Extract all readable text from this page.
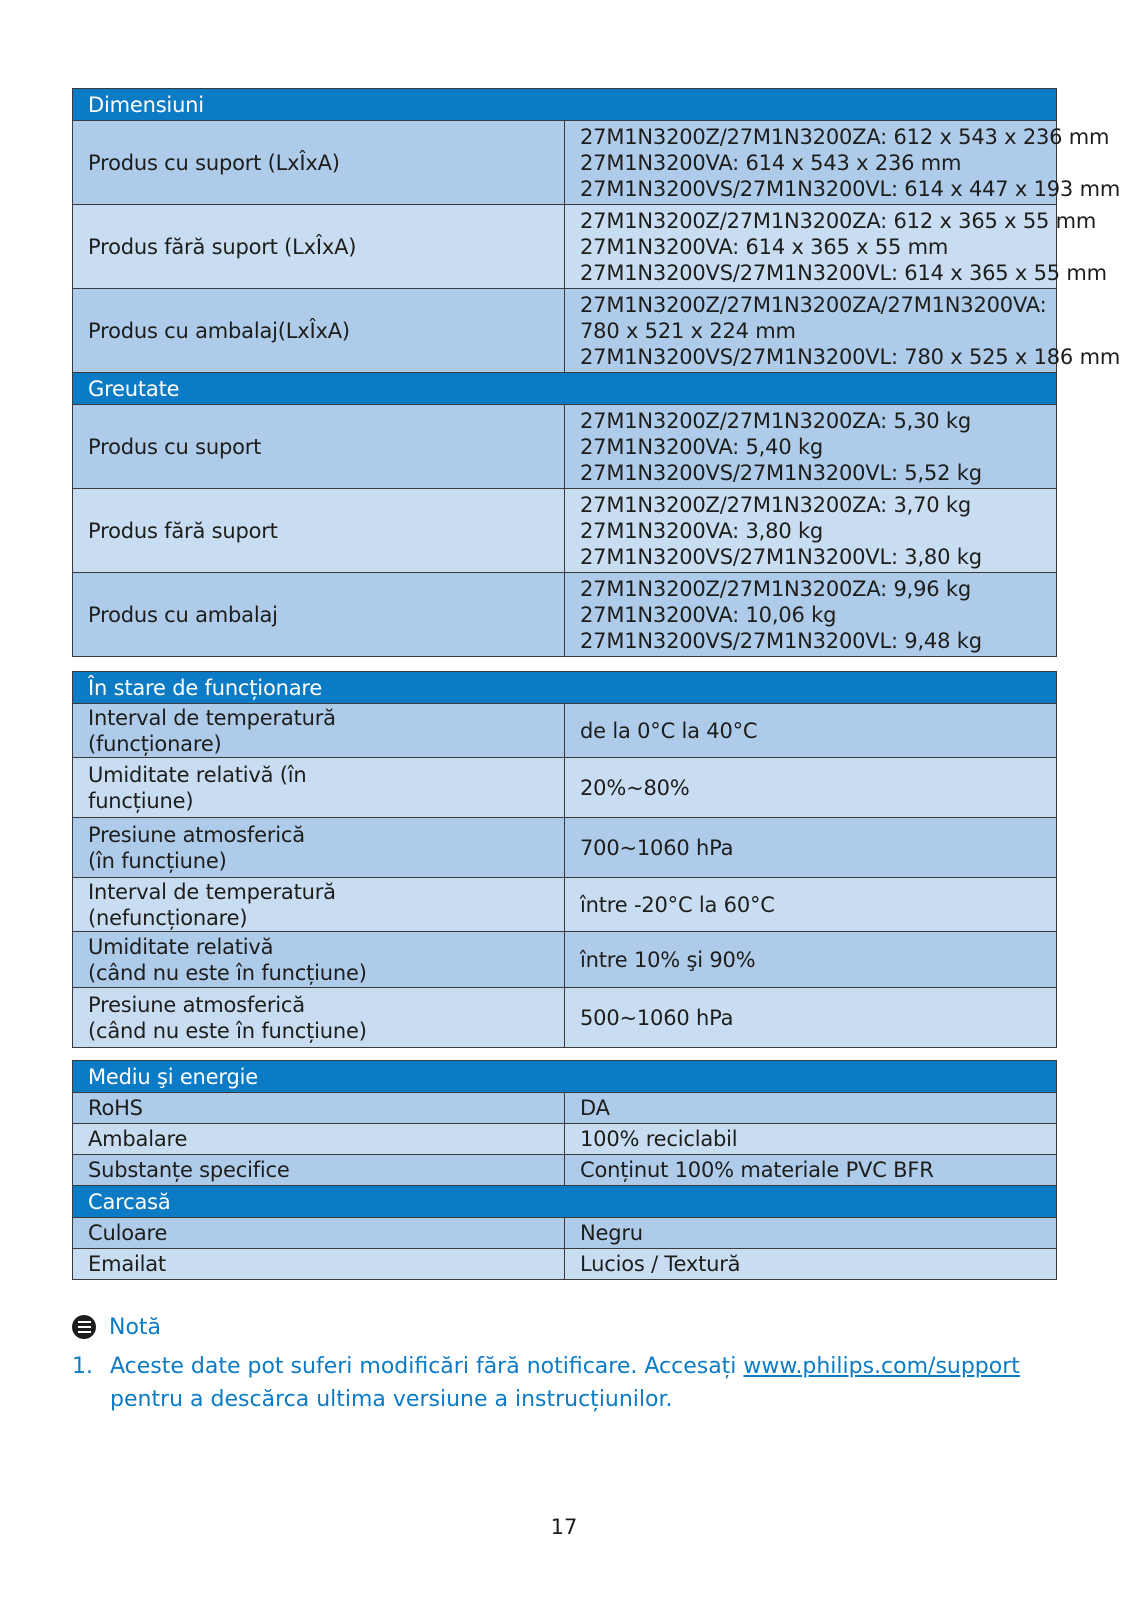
Dimensiuni	
Produs cu suport (LxÎxA)	27M1N3200Z/27M1N3200ZA: 612 x 543 x 236 mm
27M1N3200VA: 614 x 543 x 236 mm
27M1N3200VS/27M1N3200VL: 614 x 447 x 193 mm

Produs fără suport (LxÎxA)	27M1N3200Z/27M1N3200ZA: 612 x 365 x 55 mm
27M1N3200VA: 614 x 365 x 55 mm
27M1N3200VS/27M1N3200VL: 614 x 365 x 55 mm

Produs cu ambalaj(LxÎxA)	27M1N3200Z/27M1N3200ZA/27M1N3200VA:
780 x 521 x 224 mm
27M1N3200VS/27M1N3200VL: 780 x 525 x 186 mm

Greutate	
Produs cu suport	27M1N3200Z/27M1N3200ZA: 5,30 kg
27M1N3200VA: 5,40 kg
27M1N3200VS/27M1N3200VL: 5,52 kg

Produs fără suport	27M1N3200Z/27M1N3200ZA: 3,70 kg
27M1N3200VA: 3,80 kg
27M1N3200VS/27M1N3200VL: 3,80 kg

Produs cu ambalaj	27M1N3200Z/27M1N3200ZA: 9,96 kg
27M1N3200VA: 10,06 kg
27M1N3200VS/27M1N3200VL: 9,48 kg
În stare de funcționare	

Interval de temperatură
(funcționare)	de la 0°C la 40°C

Umiditate relativă (în
funcțiune)	20%~80%

Presiune atmosferică
(în funcțiune)	700~1060 hPa

Interval de temperatură
(nefuncționare)	între -20°C la 60°C

Umiditate relativă
(când nu este în funcțiune)	între 10% şi 90%

Presiune atmosferică
(când nu este în funcțiune)	500~1060 hPa
Mediu şi energie	
RoHS	DA
Ambalare	100% reciclabil
Substanțe specifice	Conținut 100% materiale PVC BFR
Carcasă	
Culoare	Negru
Emailat	Lucios / Textură
Notă
1. Aceste date pot suferi modificări fără notificare. Accesați www.philips.com/support pentru a descărca ultima versiune a instrucțiunilor.
17
